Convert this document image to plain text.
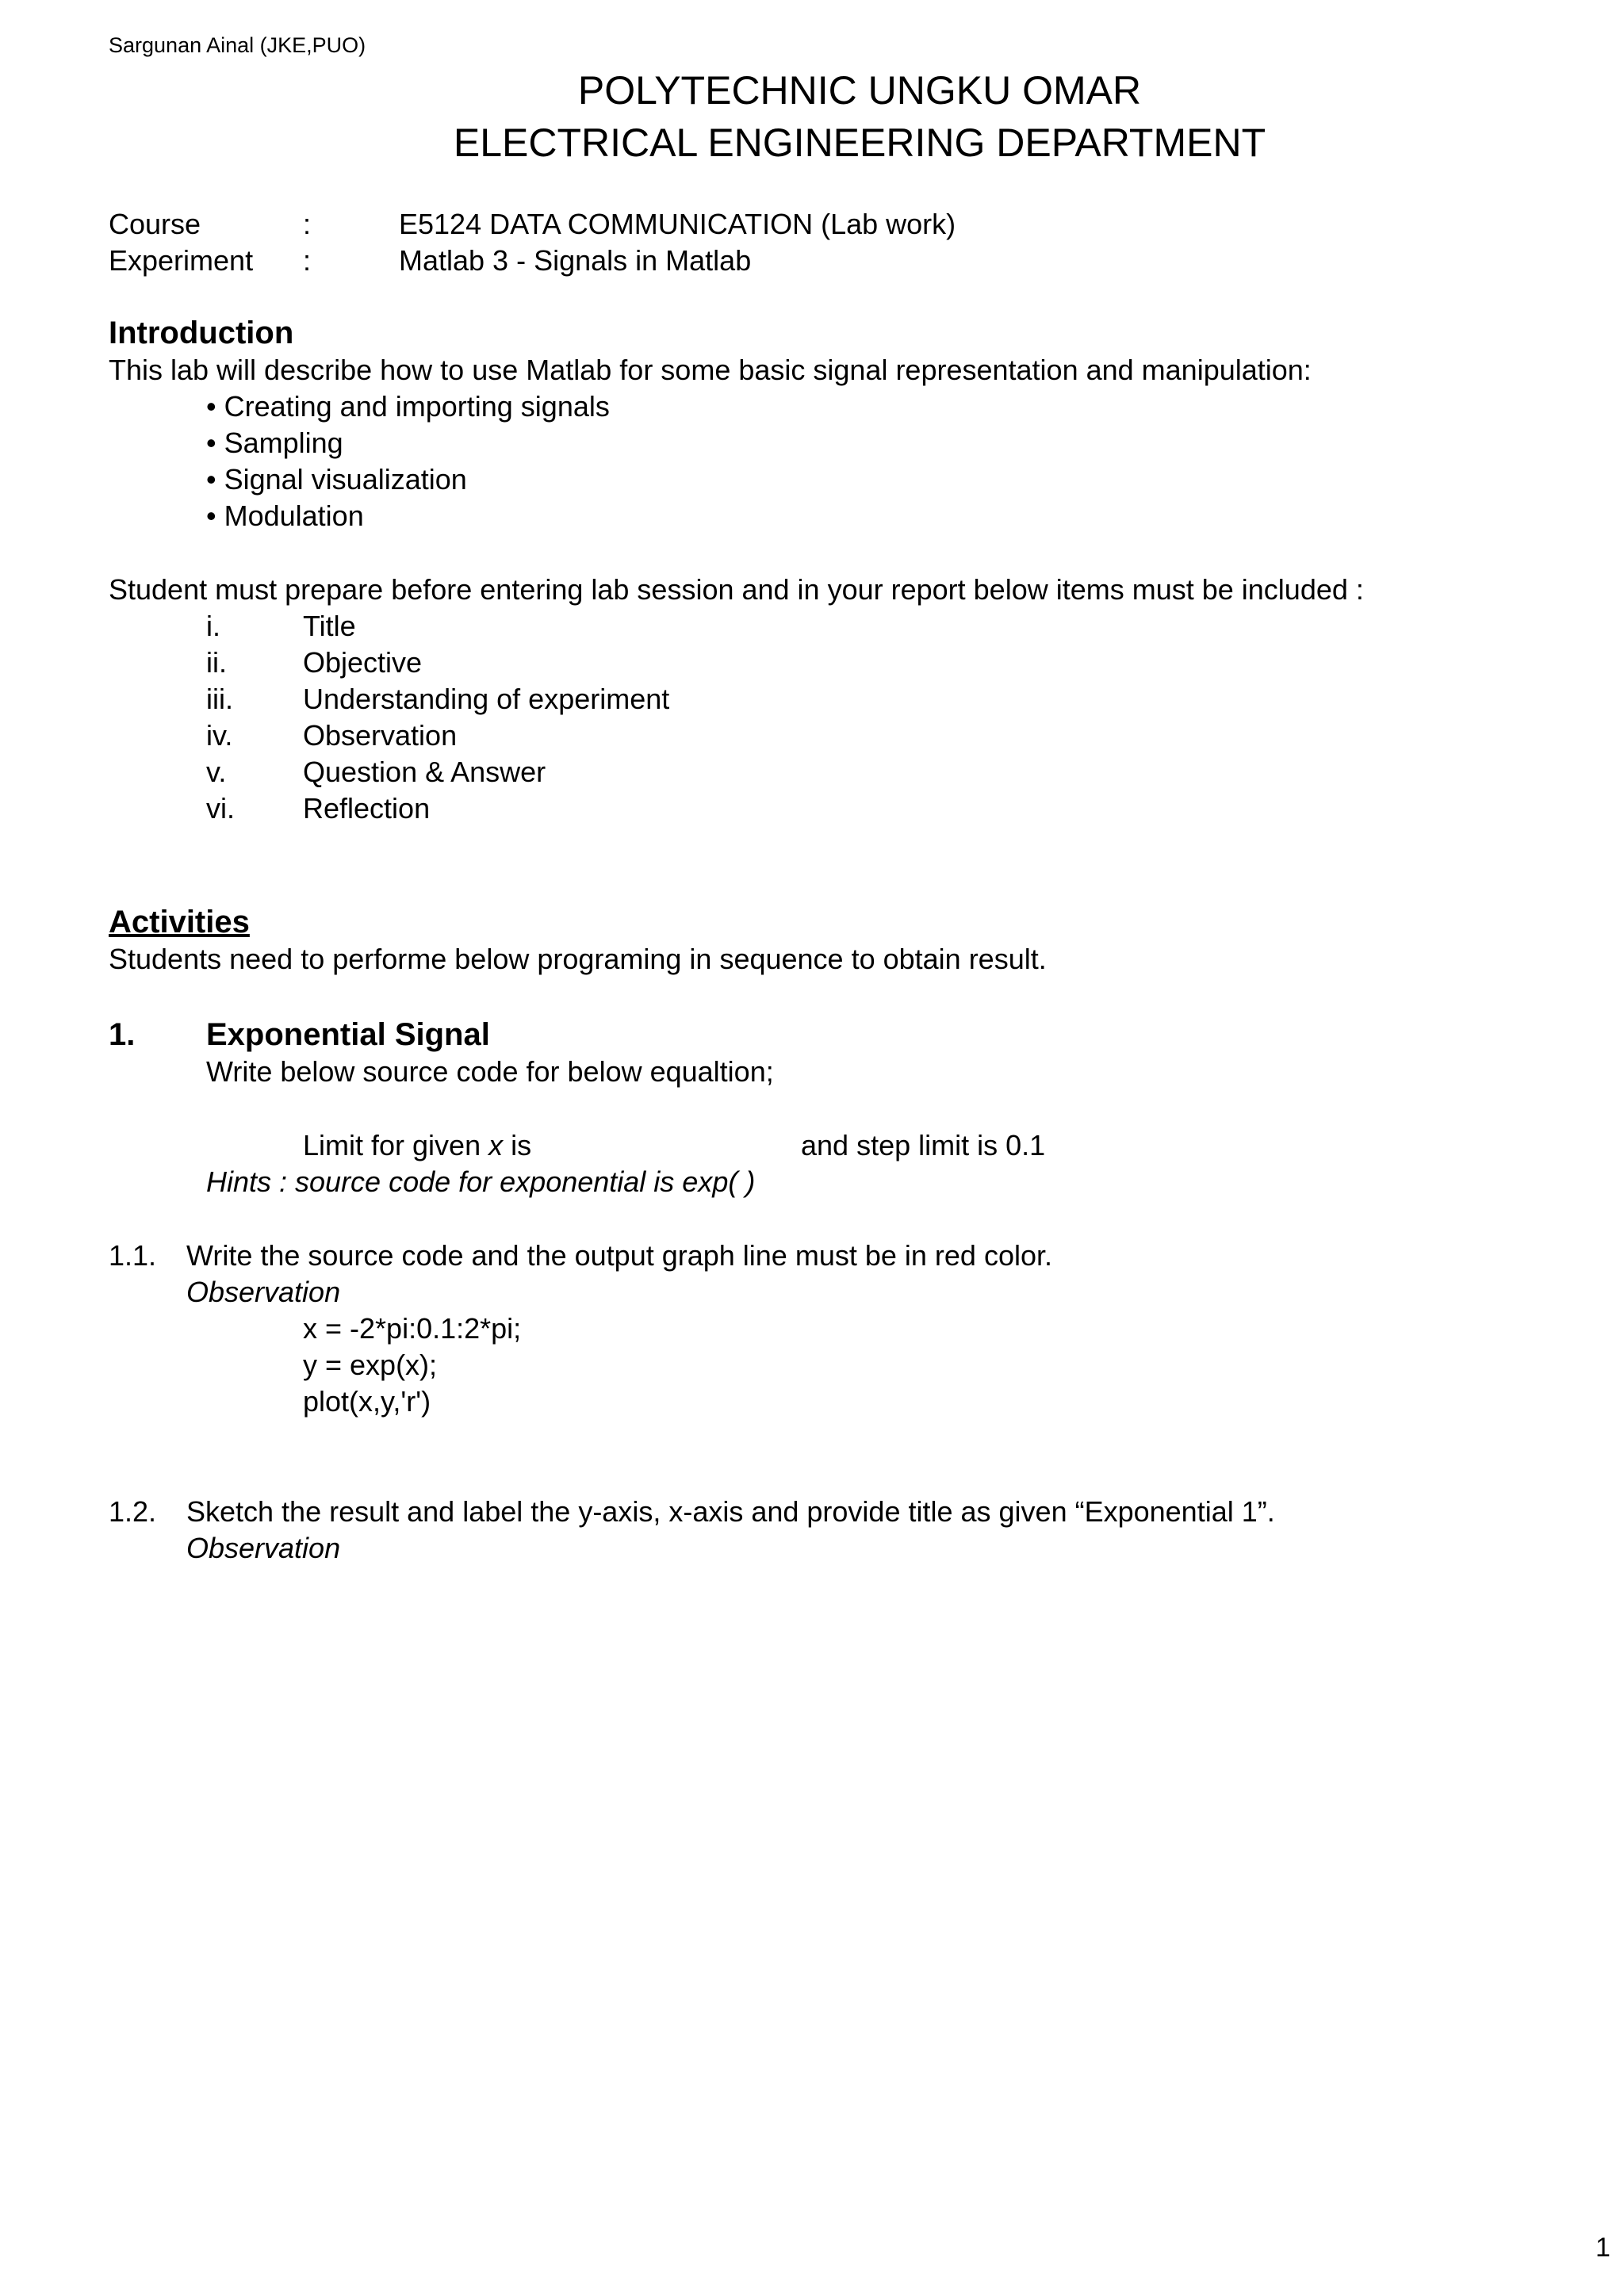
Sargunan Ainal (JKE,PUO)
POLYTECHNIC UNGKU OMAR
ELECTRICAL ENGINEERING DEPARTMENT
Course	:	E5124 DATA COMMUNICATION (Lab work)
Experiment :	Matlab 3 - Signals in Matlab
Introduction
This lab will describe how to use Matlab for some basic signal representation and manipulation:
• Creating and importing signals
• Sampling
• Signal visualization
• Modulation
Student must prepare before entering lab session and in your report below items must be included :
i.	Title
ii.	Objective
iii. Understanding of experiment
iv. Observation
v.	Question & Answer
vi. Reflection
Activities
Students need to performe below programing in sequence to obtain result.
1. Exponential Signal
Write below source code for below equaltion;
Limit for given x is	and step limit is 0.1
Hints : source code for exponential is exp( )
1.1. Write the source code and the output graph line must be in red color.
Observation
x = -2*pi:0.1:2*pi;
y = exp(x);
plot(x,y,'r')
1.2. Sketch the result and label the y-axis, x-axis and provide title as given “Exponential 1”.
Observation
1
